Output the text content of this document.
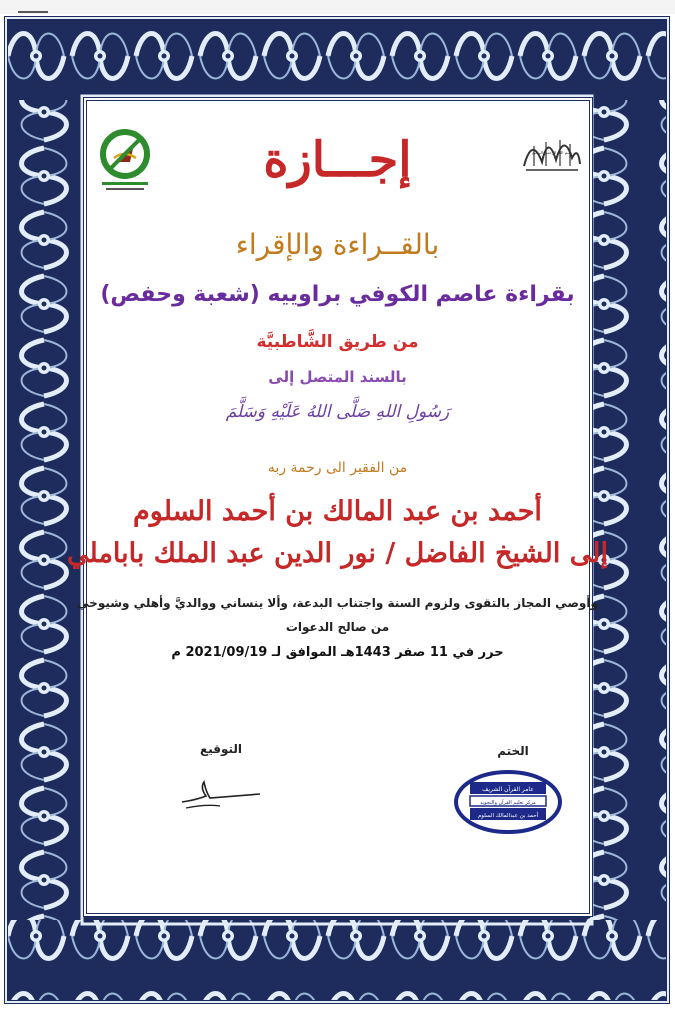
بسم الله الرحمن الرحيم
إجـــازة
بالقــراءة والإقراء
بقراءة عاصم الكوفي براوييه (شعبة وحفص)
من طريق الشَّاطبيَّة
بالسند المتصل إلى
رَسُولِ اللهِ صَلَّى اللهُ عَلَيْهِ وَسَلَّمَ
من الفقير الى رحمة ربه
أحمد بن عبد المالك بن أحمد السلوم
إلى الشيخ الفاضل / نور الدين عبد الملك باباملي
وأوصي المجاز بالتقوى ولزوم السنة واجتناب البدعة، وألا ينساني ووالديَّ وأهلي وشيوخي
من صالح الدعوات
حرر في 11 صفر 1443هـ الموافق لـ 2021/09/19 م
التوقيع	الختم
عامر القرآن الشريف
مركز تعليم القرآن والتجويد
أحمد بن عبدالمالك السلوم
